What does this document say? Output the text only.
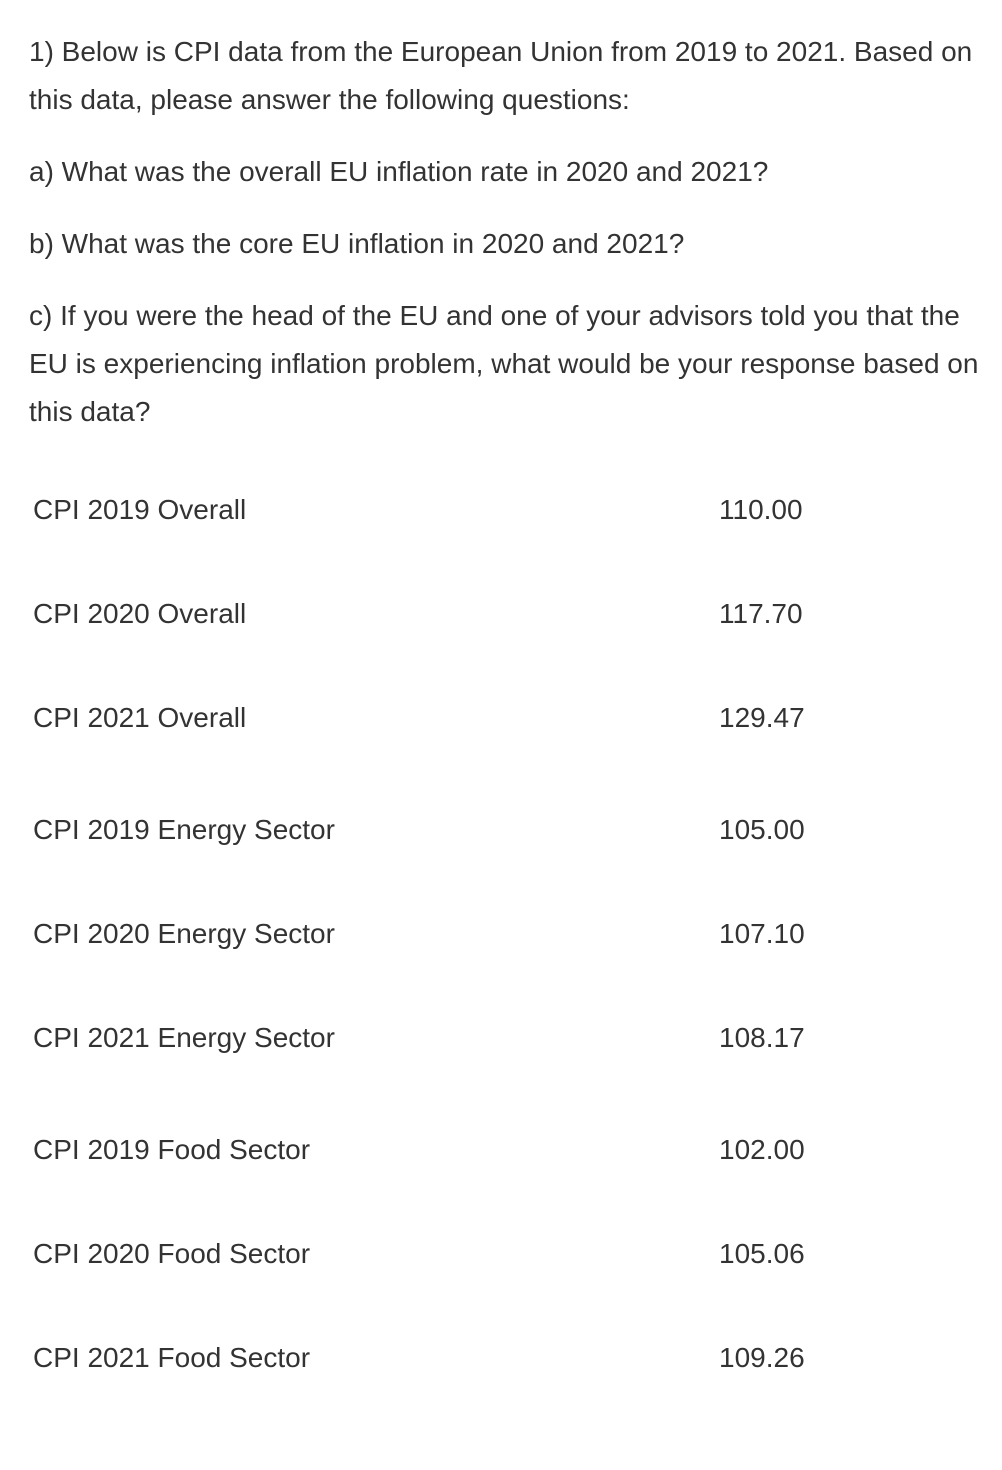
1) Below is CPI data from the European Union from 2019 to 2021. Based on this data, please answer the following questions:

a) What was the overall EU inflation rate in 2020 and 2021?

b) What was the core EU inflation in 2020 and 2021?

c) If you were the head of the EU and one of your advisors told you that the EU is experiencing inflation problem, what would be your response based on this data?

CPI 2019 Overall	110.00
CPI 2020 Overall	117.70
CPI 2021 Overall	129.47
CPI 2019 Energy Sector	105.00
CPI 2020 Energy Sector	107.10
CPI 2021 Energy Sector	108.17
CPI 2019 Food Sector	102.00
CPI 2020 Food Sector	105.06
CPI 2021 Food Sector	109.26
